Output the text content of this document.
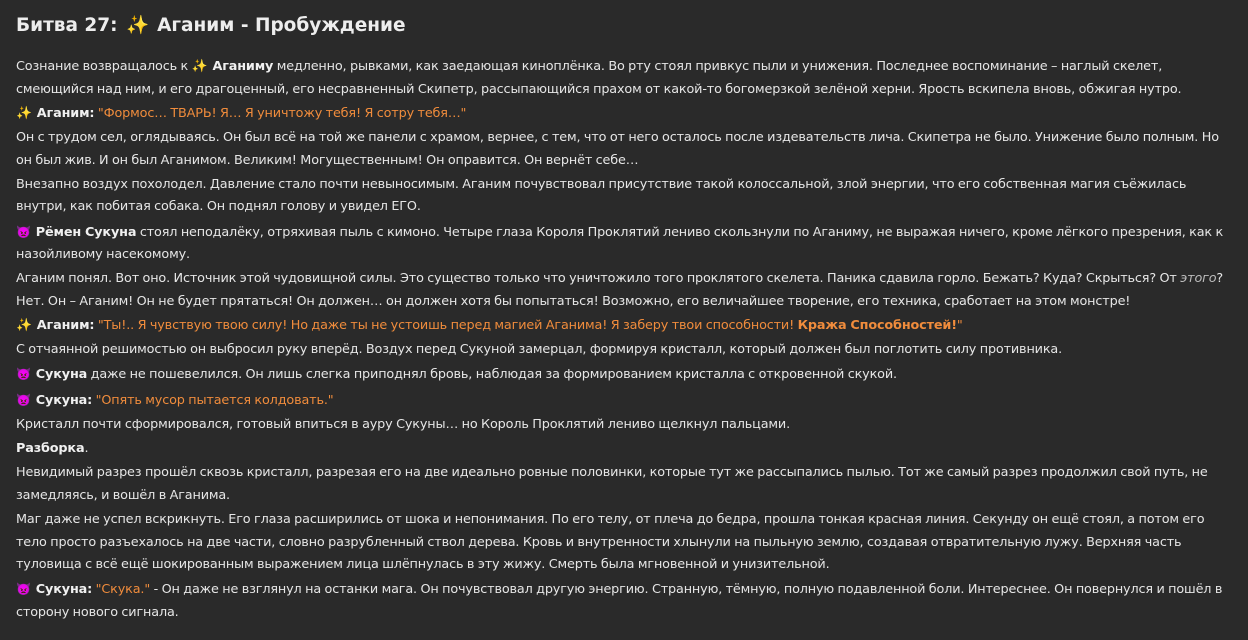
Битва 27: ✨ Аганим - Пробуждение
Сознание возвращалось к ✨ Аганиму медленно, рывками, как заедающая киноплёнка. Во рту стоял привкус пыли и унижения. Последнее воспоминание – наглый скелет, смеющийся над ним, и его драгоценный, его несравненный Скипетр, рассыпающийся прахом от какой-то богомерзкой зелёной херни. Ярость вскипела вновь, обжигая нутро.
✨ Аганим: "Формос… ТВАРЬ! Я… Я уничтожу тебя! Я сотру тебя…"
Он с трудом сел, оглядываясь. Он был всё на той же панели с храмом, вернее, с тем, что от него осталось после издевательств лича. Скипетра не было. Унижение было полным. Но он был жив. И он был Аганимом. Великим! Могущественным! Он оправится. Он вернёт себе…
Внезапно воздух похолодел. Давление стало почти невыносимым. Аганим почувствовал присутствие такой колоссальной, злой энергии, что его собственная магия съёжилась внутри, как побитая собака. Он поднял голову и увидел ЕГО.
👿 Рёмен Сукуна стоял неподалёку, отряхивая пыль с кимоно. Четыре глаза Короля Проклятий лениво скользнули по Аганиму, не выражая ничего, кроме лёгкого презрения, как к назойливому насекомому.
Аганим понял. Вот оно. Источник этой чудовищной силы. Это существо только что уничтожило того проклятого скелета. Паника сдавила горло. Бежать? Куда? Скрыться? От этого? Нет. Он – Аганим! Он не будет прятаться! Он должен… он должен хотя бы попытаться! Возможно, его величайшее творение, его техника, сработает на этом монстре!
✨ Аганим: "Ты!.. Я чувствую твою силу! Но даже ты не устоишь перед магией Аганима! Я заберу твои способности! Кража Способностей!"
С отчаянной решимостью он выбросил руку вперёд. Воздух перед Сукуной замерцал, формируя кристалл, который должен был поглотить силу противника.
👿 Сукуна даже не пошевелился. Он лишь слегка приподнял бровь, наблюдая за формированием кристалла с откровенной скукой.
👿 Сукуна: "Опять мусор пытается колдовать."
Кристалл почти сформировался, готовый впиться в ауру Сукуны… но Король Проклятий лениво щелкнул пальцами.
Разборка.
Невидимый разрез прошёл сквозь кристалл, разрезая его на две идеально ровные половинки, которые тут же рассыпались пылью. Тот же самый разрез продолжил свой путь, не замедляясь, и вошёл в Аганима.
Маг даже не успел вскрикнуть. Его глаза расширились от шока и непонимания. По его телу, от плеча до бедра, прошла тонкая красная линия. Секунду он ещё стоял, а потом его тело просто разъехалось на две части, словно разрубленный ствол дерева. Кровь и внутренности хлынули на пыльную землю, создавая отвратительную лужу. Верхняя часть туловища с всё ещё шокированным выражением лица шлёпнулась в эту жижу. Смерть была мгновенной и унизительной.
👿 Сукуна: "Скука." - Он даже не взглянул на останки мага. Он почувствовал другую энергию. Странную, тёмную, полную подавленной боли. Интереснее. Он повернулся и пошёл в сторону нового сигнала.
